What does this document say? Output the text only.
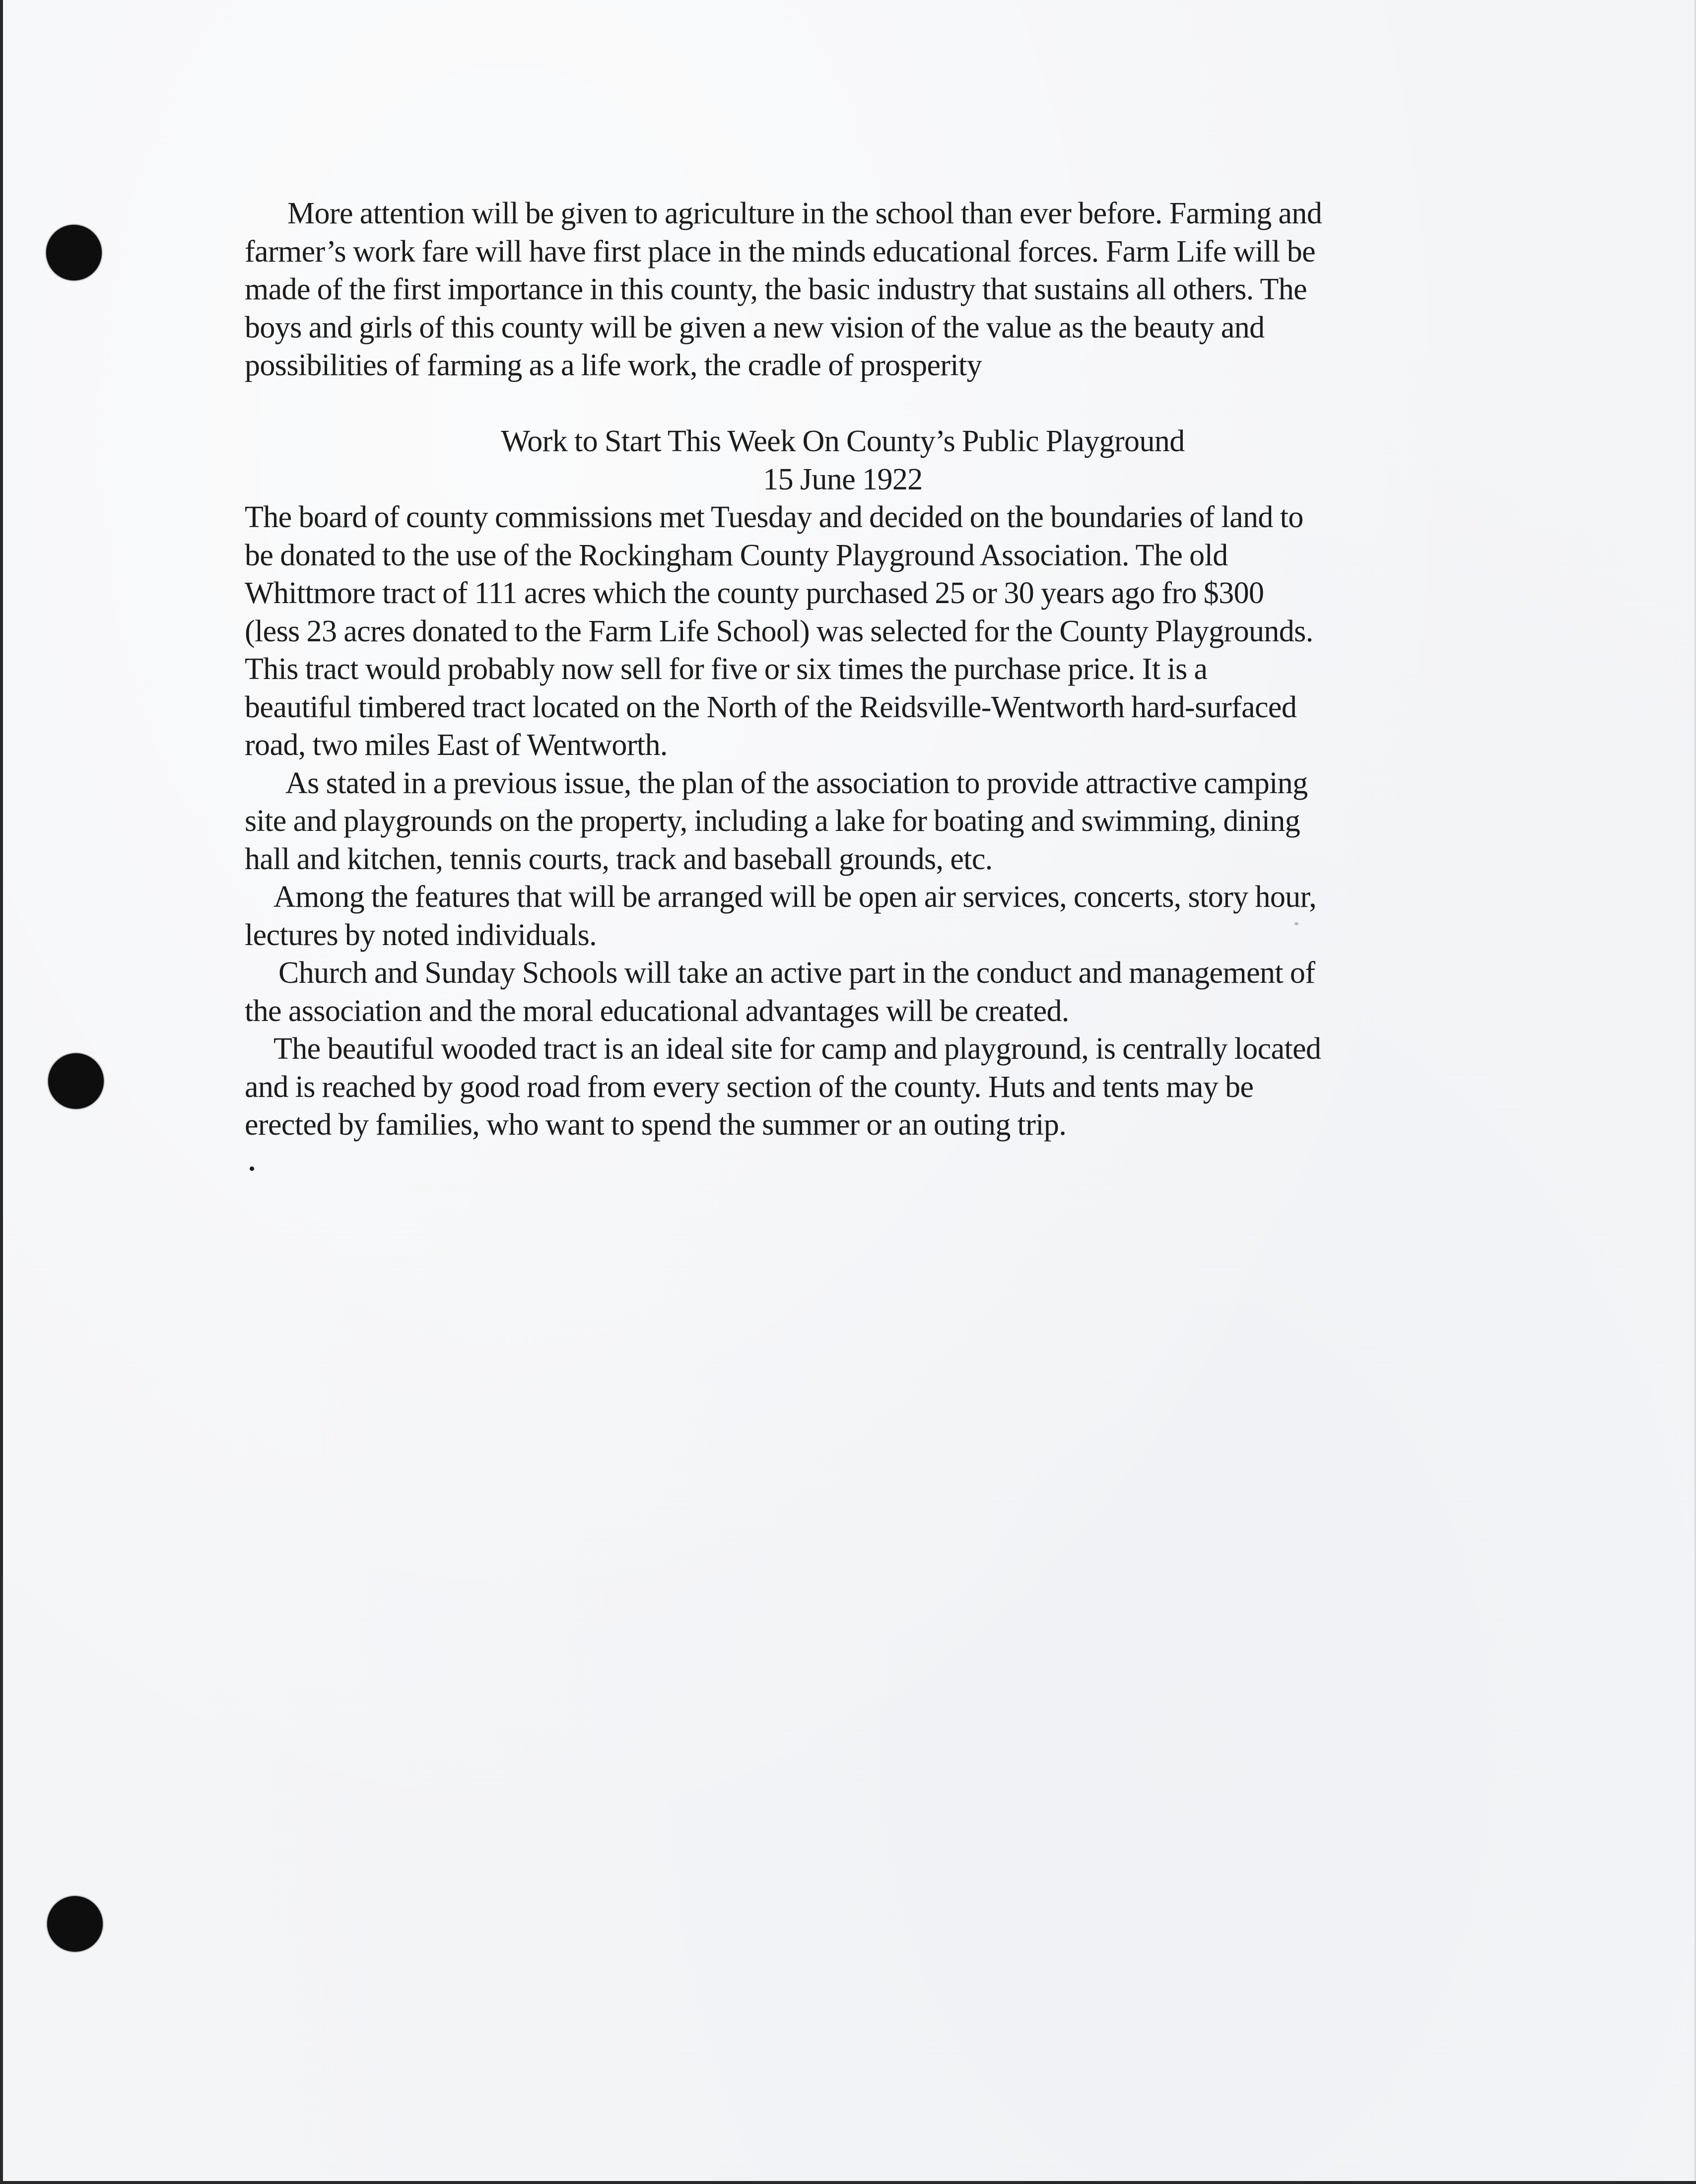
More attention will be given to agriculture in the school than ever before. Farming and
farmer’s work fare will have first place in the minds educational forces. Farm Life will be
made of the first importance in this county, the basic industry that sustains all others. The
boys and girls of this county will be given a new vision of the value as the beauty and
possibilities of farming as a life work, the cradle of prosperity
Work to Start This Week On County’s Public Playground
15 June 1922
The board of county commissions met Tuesday and decided on the boundaries of land to
be donated to the use of the Rockingham County Playground Association. The old
Whittmore tract of 111 acres which the county purchased 25 or 30 years ago fro $300
(less 23 acres donated to the Farm Life School) was selected for the County Playgrounds.
This tract would probably now sell for five or six times the purchase price. It is a
beautiful timbered tract located on the North of the Reidsville-Wentworth hard-surfaced
road, two miles East of Wentworth.
As stated in a previous issue, the plan of the association to provide attractive camping
site and playgrounds on the property, including a lake for boating and swimming, dining
hall and kitchen, tennis courts, track and baseball grounds, etc.
Among the features that will be arranged will be open air services, concerts, story hour,
lectures by noted individuals.
Church and Sunday Schools will take an active part in the conduct and management of
the association and the moral educational advantages will be created.
The beautiful wooded tract is an ideal site for camp and playground, is centrally located
and is reached by good road from every section of the county. Huts and tents may be
erected by families, who want to spend the summer or an outing trip.
